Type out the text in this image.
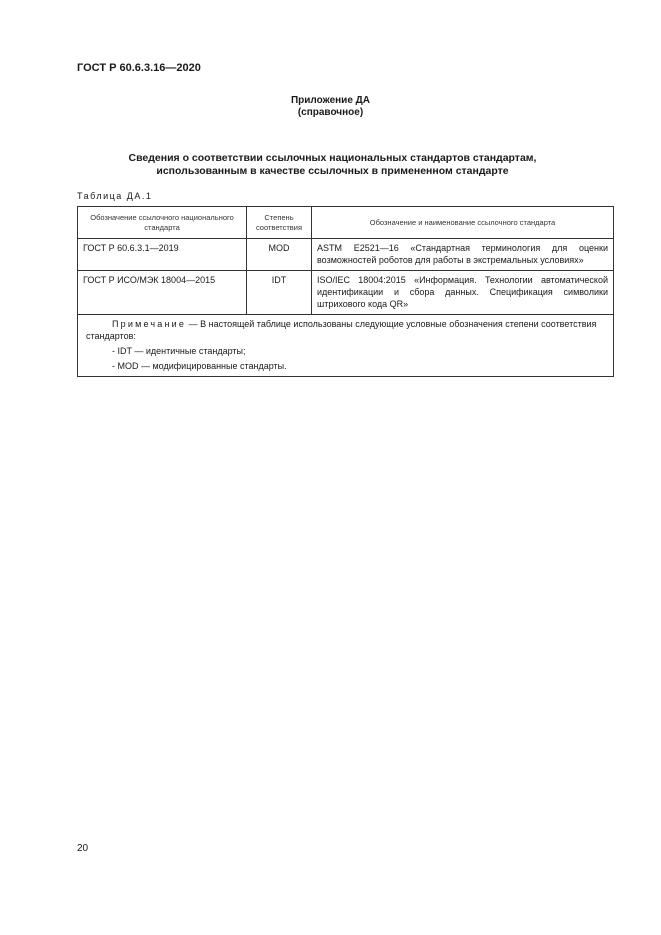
ГОСТ Р 60.6.3.16—2020
Приложение ДА
(справочное)
Сведения о соответствии ссылочных национальных стандартов стандартам,
использованным в качестве ссылочных в примененном стандарте
Таблица ДА.1
Обозначение ссылочного национального стандарта	Степень соответствия	Обозначение и наименование ссылочного стандарта
ГОСТ Р 60.6.3.1—2019	MOD	ASTM E2521—16 «Стандартная терминология для оценки возможностей роботов для работы в экстремальных условиях»
ГОСТ Р ИСО/МЭК 18004—2015	IDT	ISO/IEC 18004:2015 «Информация. Технологии автоматической идентификации и сбора данных. Спецификация символики штрихового кода QR»

Примечание — В настоящей таблице использованы следующие условные обозначения степени соответствия стандартов:
- IDT — идентичные стандарты;
- MOD — модифицированные стандарты.		
20
